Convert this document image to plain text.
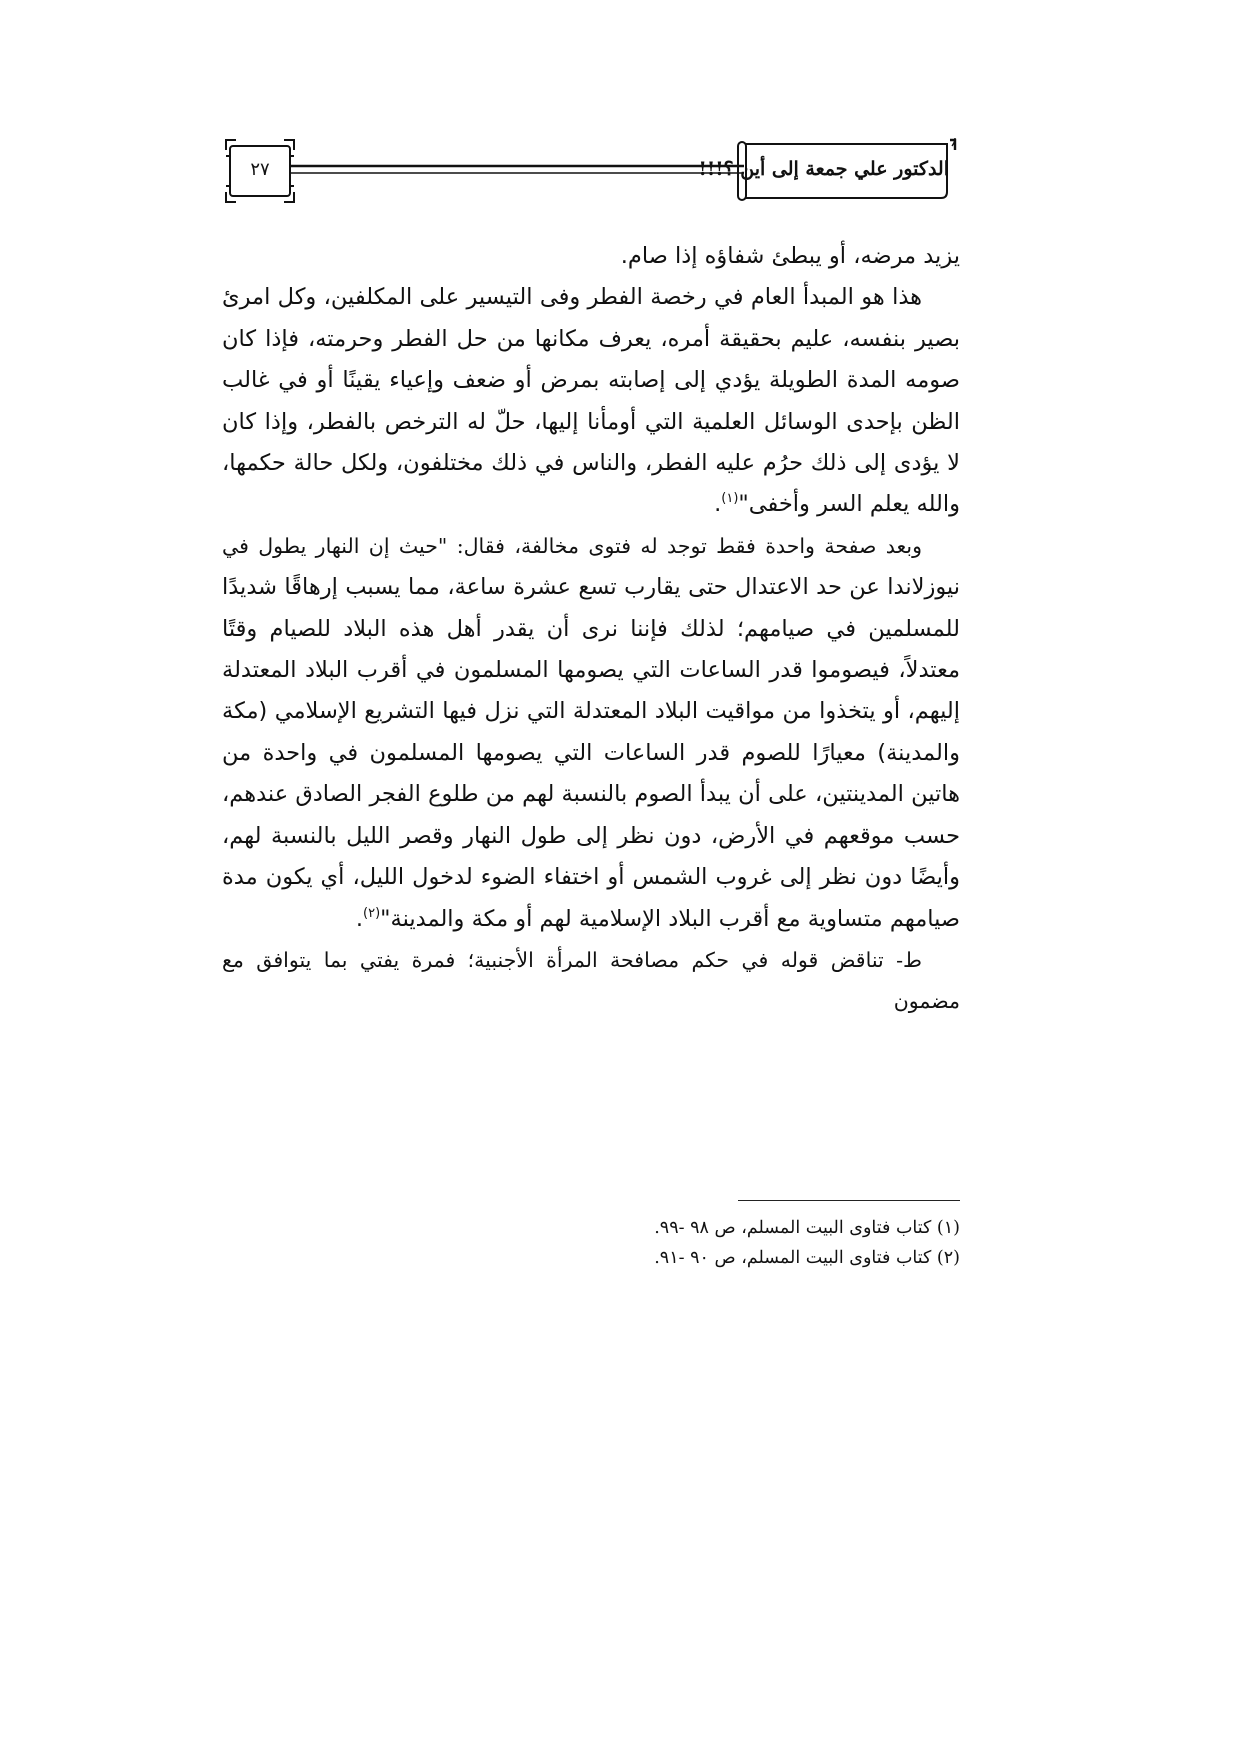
الدكتور علي جمعة إلى أين ؟!!!
٢٧

يزيد مرضه، أو يبطئ شفاؤه إذا صام.

هذا هو المبدأ العام في رخصة الفطر وفى التيسير على المكلفين، وكل امرئ بصير بنفسه، عليم بحقيقة أمره، يعرف مكانها من حل الفطر وحرمته، فإذا كان صومه المدة الطويلة يؤدي إلى إصابته بمرض أو ضعف وإعياء يقينًا أو في غالب الظن بإحدى الوسائل العلمية التي أومأنا إليها، حلّ له الترخص بالفطر، وإذا كان لا يؤدى إلى ذلك حرُم عليه الفطر، والناس في ذلك مختلفون، ولكل حالة حكمها، والله يعلم السر وأخفى"$^{(١)}$.

وبعد صفحة واحدة فقط توجد له فتوى مخالفة، فقال: "حيث إن النهار يطول في نيوزلاندا عن حد الاعتدال حتى يقارب تسع عشرة ساعة، مما يسبب إرهاقًا شديدًا للمسلمين في صيامهم؛ لذلك فإننا نرى أن يقدر أهل هذه البلاد للصيام وقتًا معتدلاً، فيصوموا قدر الساعات التي يصومها المسلمون في أقرب البلاد المعتدلة إليهم، أو يتخذوا من مواقيت البلاد المعتدلة التي نزل فيها التشريع الإسلامي (مكة والمدينة) معيارًا للصوم قدر الساعات التي يصومها المسلمون في واحدة من هاتين المدينتين، على أن يبدأ الصوم بالنسبة لهم من طلوع الفجر الصادق عندهم، حسب موقعهم في الأرض، دون نظر إلى طول النهار وقصر الليل بالنسبة لهم، وأيضًا دون نظر إلى غروب الشمس أو اختفاء الضوء لدخول الليل، أي يكون مدة صيامهم متساوية مع أقرب البلاد الإسلامية لهم أو مكة والمدينة"$^{(٢)}$.

ط- تناقض قوله في حكم مصافحة المرأة الأجنبية؛ فمرة يفتي بما يتوافق مع مضمون

(١) كتاب فتاوى البيت المسلم، ص ٩٨ -٩٩.

(٢) كتاب فتاوى البيت المسلم، ص ٩٠ -٩١.
